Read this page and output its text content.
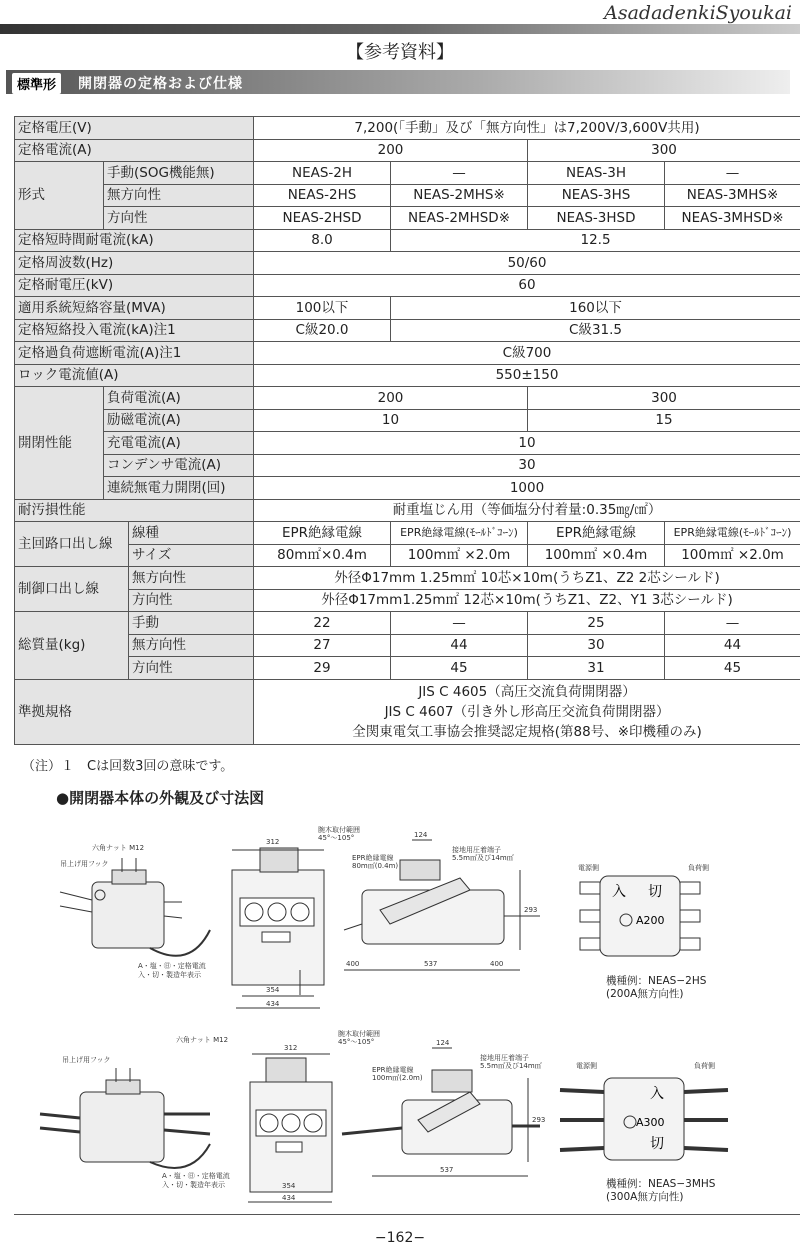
AsadadenkiSyoukai
【参考資料】
標準形	開閉器の定格および仕様
定格電圧(V)			7,200(「手動」及び「無方向性」は7,200V/3,600V共用)			
定格電流(A)			200		300	
形式	手動(SOG機能無)		NEAS-2H	—	NEAS-3H	—
	無方向性		NEAS-2HS	NEAS-2MHS※	NEAS-3HS	NEAS-3MHS※
	方向性		NEAS-2HSD	NEAS-2MHSD※	NEAS-3HSD	NEAS-3MHSD※
定格短時間耐電流(kA)			8.0	12.5		
定格周波数(Hz)			50/60			
定格耐電圧(kV)			60			
適用系統短絡容量(MVA)			100以下	160以下		
定格短絡投入電流(kA)注1			C級20.0	C級31.5		
定格過負荷遮断電流(A)注1			C級700			
ロック電流値(A)			550±150			
開閉性能	負荷電流(A)		200		300	
	励磁電流(A)		10		15	
	充電電流(A)		10			
	コンデンサ電流(A)		30			
	連続無電力開閉(回)		1000			
耐汚損性能			耐重塩じん用（等価塩分付着量:0.35㎎/㎠）			
主回路口出し線		線種	EPR絶縁電線	EPR絶縁電線(ﾓｰﾙﾄﾞｺｰﾝ)	EPR絶縁電線	EPR絶縁電線(ﾓｰﾙﾄﾞｺｰﾝ)
		サイズ	80m㎡×0.4m	100m㎡ ×2.0m	100m㎡ ×0.4m	100m㎡ ×2.0m
制御口出し線		無方向性	外径Φ17mm 1.25m㎡ 10芯×10m(うちZ1、Z2 2芯シールド)			
		方向性	外径Φ17mm1.25m㎡ 12芯×10m(うちZ1、Z2、Y1 3芯シールド)			
総質量(kg)		手動	22	—	25	—
		無方向性	27	44	30	44
		方向性	29	45	31	45
準拠規格			JIS C 4605（高圧交流負荷開閉器）
JIS C 4607（引き外し形高圧交流負荷開閉器）
全関東電気工事協会推奨認定規格(第88号、※印機種のみ)			
（注）１　Cは回数3回の意味です。
●開閉器本体の外観及び寸法図
六角ナット M12
吊上げ用フック
A・塩・㊐・定格電流
入・切・製造年表示
312
腕木取付範囲
45°～105°	124
EPR絶縁電線
80m㎡(0.4m)
接地用圧着端子
5.5m㎡及び14m㎡
293
354
434
400	537	400
電源側	負荷側
入 切
A200
機種例：NEAS−2HS
(200A無方向性)
六角ナット M12
吊上げ用フック
A・塩・㊐・定格電流
入・切・製造年表示
312
腕木取付範囲
45°～105°	124
EPR絶縁電線
100m㎡(2.0m)
接地用圧着端子
5.5m㎡及び14m㎡
293
354
434
537
電源側	負荷側
入
切
A300
機種例：NEAS−3MHS
(300A無方向性)
−162−
